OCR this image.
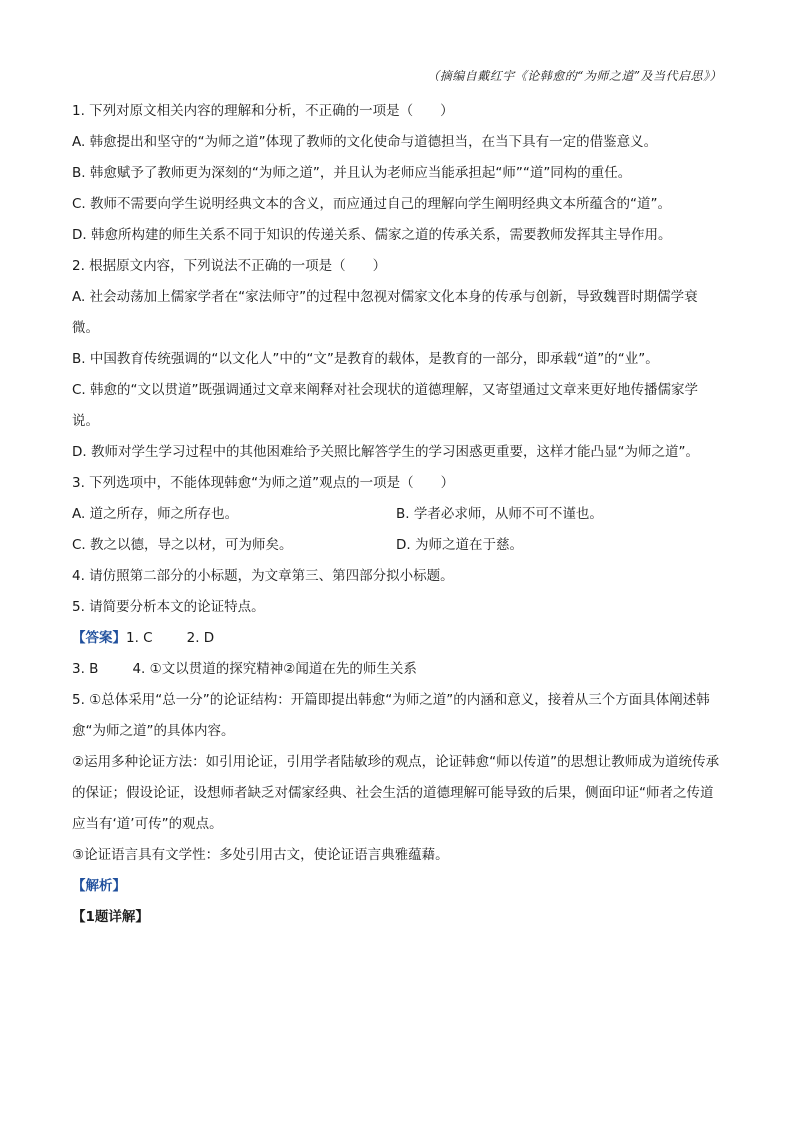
（摘编自戴红宇《论韩愈的“为师之道”及当代启思》）
1. 下列对原文相关内容的理解和分析，不正确的一项是（　　）
A. 韩愈提出和坚守的“为师之道”体现了教师的文化使命与道德担当，在当下具有一定的借鉴意义。
B. 韩愈赋予了教师更为深刻的“为师之道”，并且认为老师应当能承担起“师”“道”同构的重任。
C. 教师不需要向学生说明经典文本的含义，而应通过自己的理解向学生阐明经典文本所蕴含的“道”。
D. 韩愈所构建的师生关系不同于知识的传递关系、儒家之道的传承关系，需要教师发挥其主导作用。
2. 根据原文内容，下列说法不正确的一项是（　　）
A. 社会动荡加上儒家学者在“家法师守”的过程中忽视对儒家文化本身的传承与创新，导致魏晋时期儒学衰微。
B. 中国教育传统强调的“以文化人”中的“文”是教育的载体，是教育的一部分，即承载“道”的“业”。
C. 韩愈的“文以贯道”既强调通过文章来阐释对社会现状的道德理解，又寄望通过文章来更好地传播儒家学说。
D. 教师对学生学习过程中的其他困难给予关照比解答学生的学习困惑更重要，这样才能凸显“为师之道”。
3. 下列选项中，不能体现韩愈“为师之道”观点的一项是（　　）
A. 道之所存，师之所存也。	B. 学者必求师，从师不可不谨也。
C. 教之以德，导之以材，可为师矣。	D. 为师之道在于慈。
4. 请仿照第二部分的小标题，为文章第三、第四部分拟小标题。
5. 请简要分析本文的论证特点。
【答案】1. C	2. D
3. B	4. ①文以贯道的探究精神②闻道在先的师生关系
5. ①总体采用“总一分”的论证结构：开篇即提出韩愈“为师之道”的内涵和意义，接着从三个方面具体阐述韩愈“为师之道”的具体内容。
②运用多种论证方法：如引用论证，引用学者陆敏珍的观点，论证韩愈“师以传道”的思想让教师成为道统传承的保证；假设论证，设想师者缺乏对儒家经典、社会生活的道德理解可能导致的后果，侧面印证“师者之传道应当有‘道’可传”的观点。
③论证语言具有文学性：多处引用古文，使论证语言典雅蕴藉。
【解析】
【1题详解】
